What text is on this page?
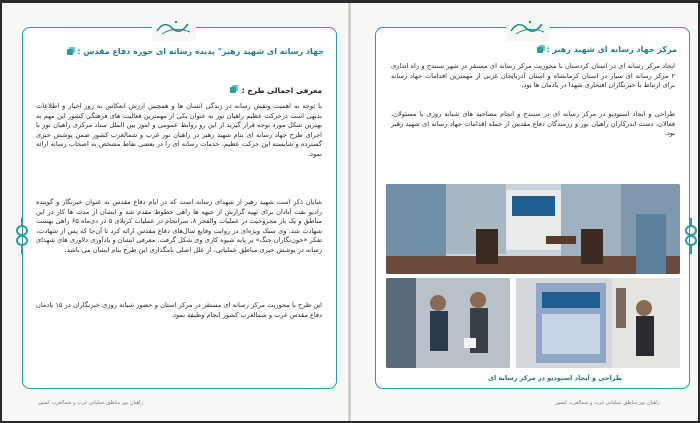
جهاد رسانه ای شهید رهبر" پدیده رسانه ای حوزه دفاع مقدس :
معرفی اجمالی طرح :

با توجه به اهمیت ونقش رسانه در زندگی انسان ها و همچنین ارزش انعکاس به روز اخبار و اطلاعات بدیهی است درحرکت عظیم راهیان نور به عنوان یکی از مهمترین فعالیت های فرهنگی کشور این مهم به بهترین شکل مورد توجه قرار گیرید از این رو روابط عمومی و امور بین الملل ستاد مرکزی راهیان نور با اجرای طرح جهاد رسانه ای بنام شهید رهبر در راهیان نور غرب و شمالغرب کشور ضمن پوشش خبری گسترده و شایسته این حرکت عظیم، خدمات رسانه ای را در بعضی نقاط مشخص به اصحاب رسانه ارائه نمود.

شایان ذکر است شهید رهبر از شهدای رسانه است که در ایام دفاع مقدس به عنوان خبرنگار و گوینده رادیو نفت آبادان برای تهیه گزارش از جبهه ها راهی خطوط مقدم شد و ایشان از مدت ها کار در این مناطق و یک بار مجروحیت در عملیات والفجر ۸، سرانجام در عملیات کربلای ۵ در دی‌ماه ۶۵ راهی بهشت شهادت شد. وی سبک ویژه‌ای در روایت وقایع سال‌های دفاع مقدس ارائه کرد تا آن‌جا که پس از شهادت، تفکر «خون‌نگاران جنگ» بر پایه شیوه کاری وی شکل گرفت. معرفی ایشان و یادآوری دلاوری های شهدای رسانه در پوشش خبری مناطق عملیاتی، از علل اصلی نامگذاری این طرح بنام ایشان می باشد.

این طرح با محوریت مرکز رسانه ای مستقر در مرکز استان و حضور شبانه روزی خبرنگاران در ۱۵ یادمان دفاع مقدس غرب و شمالغرب کشور انجام وظیفه نمود.

راهیان نور مناطق عملیاتی غرب و شمالغرب کشور
مرکز جهاد رسانه ای شهید رهبر :

ایجاد مرکز رسانه ای در استان کردستان با محوریت مرکز رسانه ای مستقر در شهر سنندج و راه اندازی ۲ مرکز رسانه ای سیار در استان کرمانشاه و استان آذربایجان غربی از مهمترین اقدامات جهاد رسانه برای ارتباط با خبرنگاران افتخاری شهدا در یادمان ها بود.

طراحی و ایجاد استودیو در مرکز رسانه ای در سنندج و انجام مصاحبه های شبانه روزی با مسئولان، فعالان، دست اندرکاران راهیان نور و رزمندگان دفاع مقدس از جمله اقدامات جهاد رسانه ای شهید رهبر بود.

طراحی و ایجاد استودیو در مرکز رسانه ای
راهیان نور مناطق عملیاتی غرب و شمالغرب کشور
